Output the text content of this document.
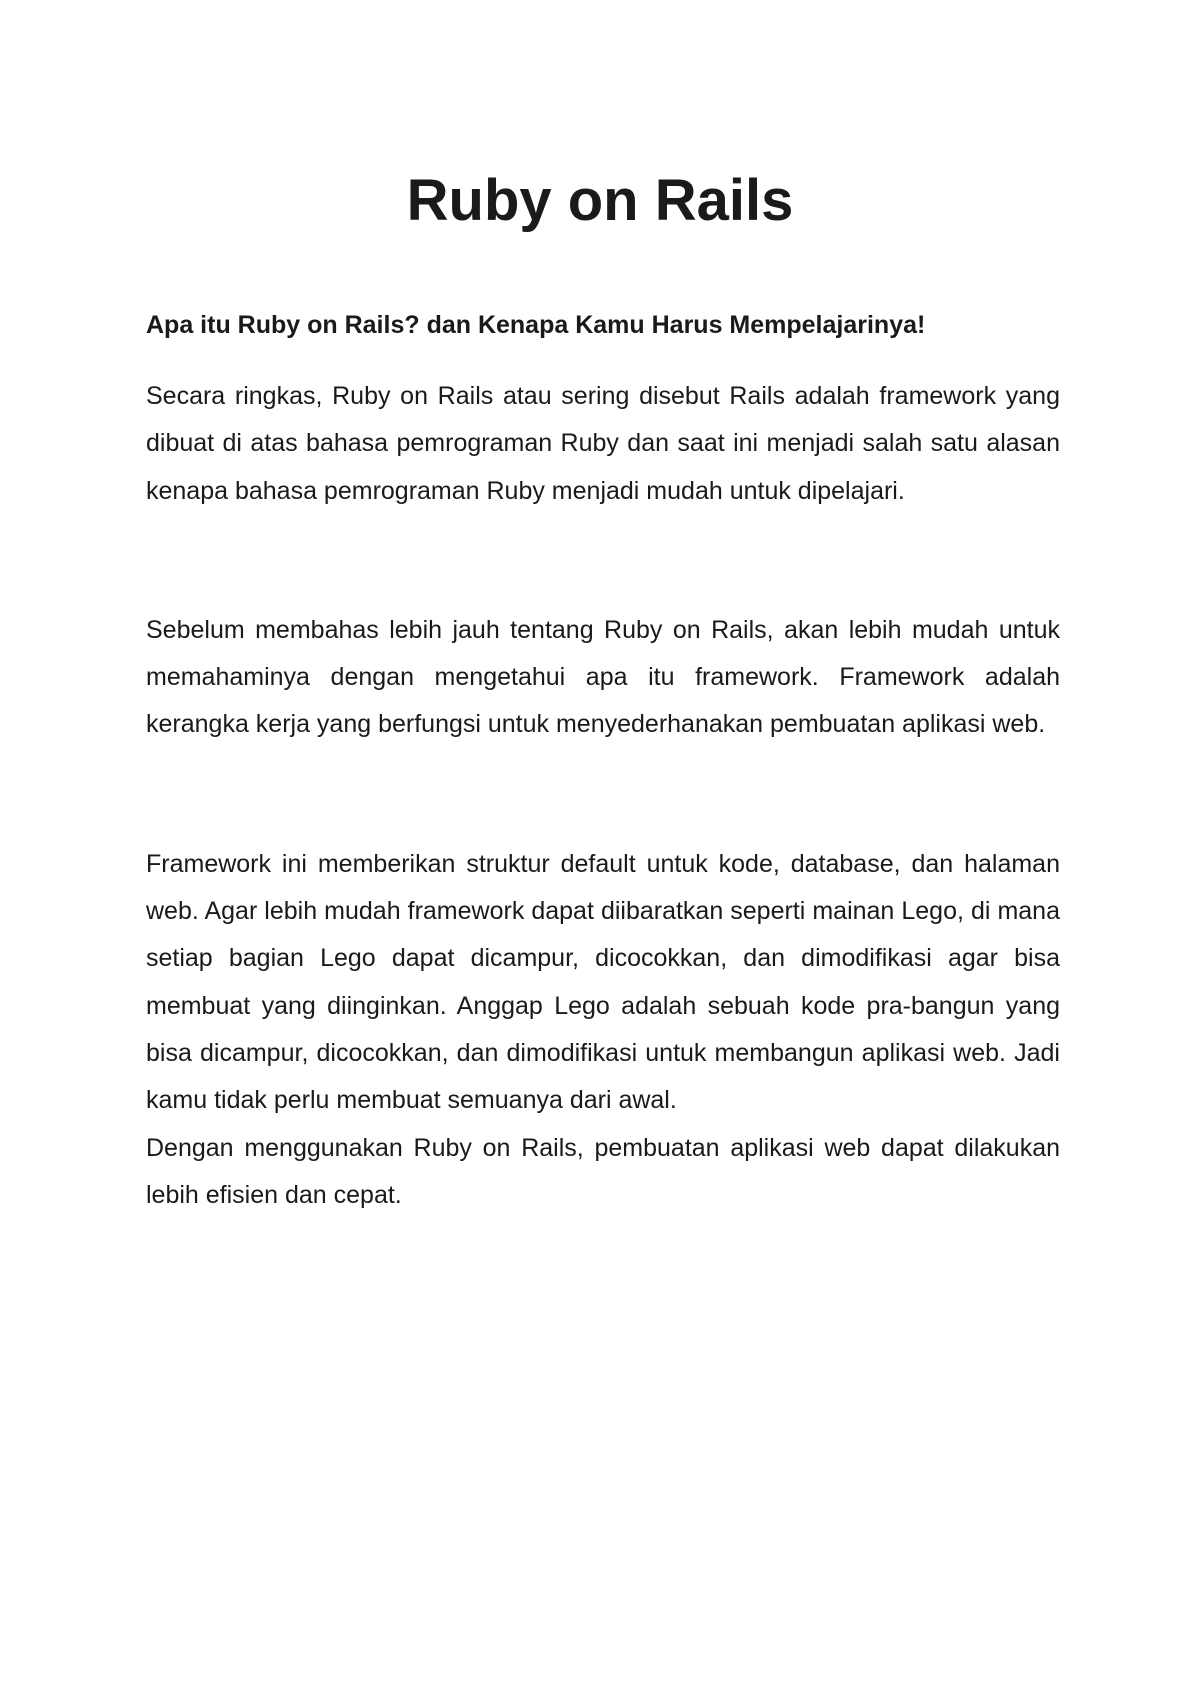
Ruby on Rails

Apa itu Ruby on Rails? dan Kenapa Kamu Harus Mempelajarinya!

Secara ringkas, Ruby on Rails atau sering disebut Rails adalah framework yang dibuat di atas bahasa pemrograman Ruby dan saat ini menjadi salah satu alasan kenapa bahasa pemrograman Ruby menjadi mudah untuk dipelajari.

Sebelum membahas lebih jauh tentang Ruby on Rails, akan lebih mudah untuk memahaminya dengan mengetahui apa itu framework. Framework adalah kerangka kerja yang berfungsi untuk menyederhanakan pembuatan aplikasi web.

Framework ini memberikan struktur default untuk kode, database, dan halaman web. Agar lebih mudah framework dapat diibaratkan seperti mainan Lego, di mana setiap bagian Lego dapat dicampur, dicocokkan, dan dimodifikasi agar bisa membuat yang diinginkan. Anggap Lego adalah sebuah kode pra-bangun yang bisa dicampur, dicocokkan, dan dimodifikasi untuk membangun aplikasi web. Jadi kamu tidak perlu membuat semuanya dari awal.

Dengan menggunakan Ruby on Rails, pembuatan aplikasi web dapat dilakukan lebih efisien dan cepat.
